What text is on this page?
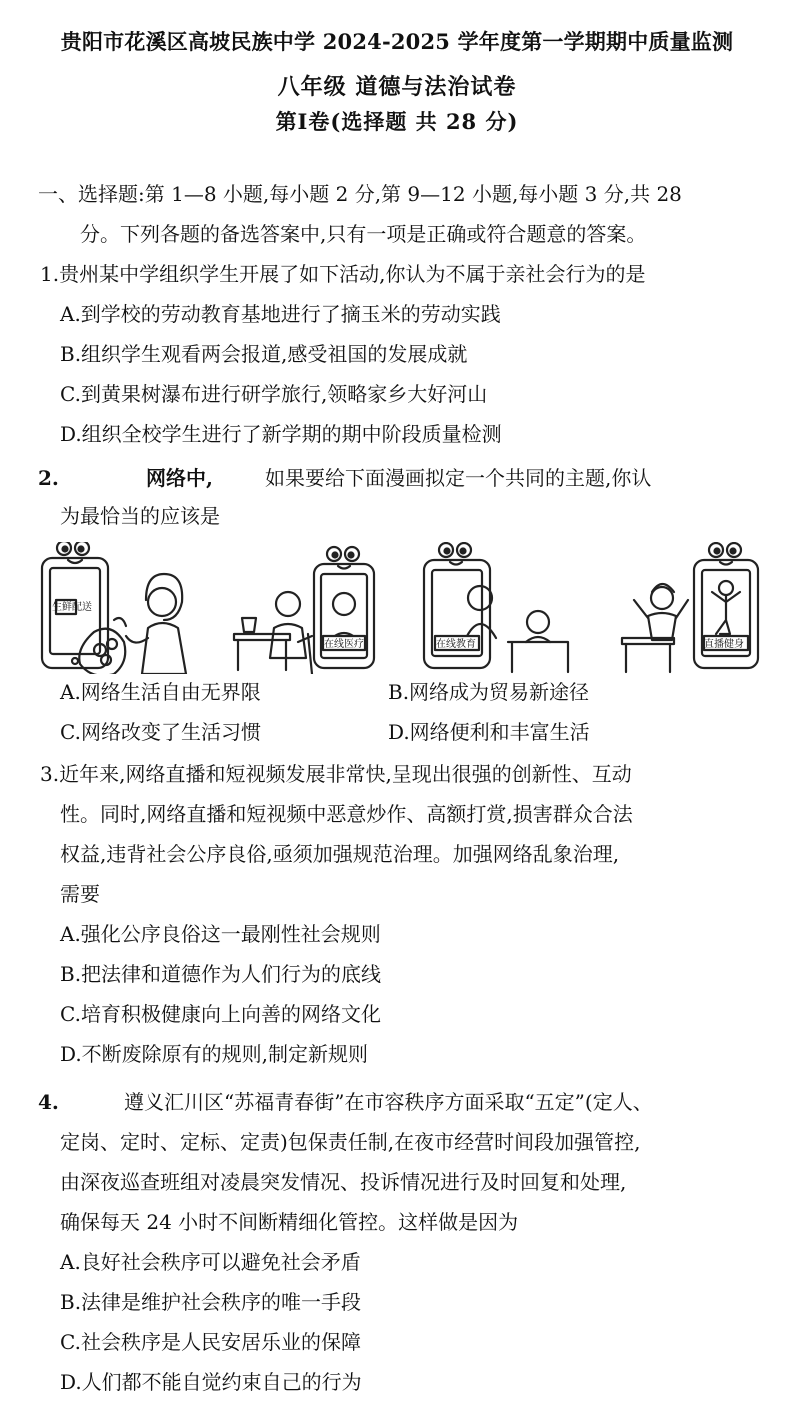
贵阳市花溪区高坡民族中学 2024-2025 学年度第一学期期中质量监测
八年级 道德与法治试卷
第Ⅰ卷(选择题 共 28 分)
一、选择题:第 1—8 小题,每小题 2 分,第 9—12 小题,每小题 3 分,共 28
分。下列各题的备选答案中,只有一项是正确或符合题意的答案。
1.贵州某中学组织学生开展了如下活动,你认为不属于亲社会行为的是
A.到学校的劳动教育基地进行了摘玉米的劳动实践
B.组织学生观看两会报道,感受祖国的发展成就
C.到黄果树瀑布进行研学旅行,领略家乡大好河山
D.组织全校学生进行了新学期的期中阶段质量检测
2.	网络中,	如果要给下面漫画拟定一个共同的主题,你认
为最恰当的应该是
生鲜配送
在线医疗	在线教育	直播健身
A.网络生活自由无界限	B.网络成为贸易新途径
C.网络改变了生活习惯	D.网络便利和丰富生活
3.近年来,网络直播和短视频发展非常快,呈现出很强的创新性、互动
性。同时,网络直播和短视频中恶意炒作、高额打赏,损害群众合法
权益,违背社会公序良俗,亟须加强规范治理。加强网络乱象治理,
需要
A.强化公序良俗这一最刚性社会规则
B.把法律和道德作为人们行为的底线
C.培育积极健康向上向善的网络文化
D.不断废除原有的规则,制定新规则
4.	遵义汇川区“苏福青春街”在市容秩序方面采取“五定”(定人、
定岗、定时、定标、定责)包保责任制,在夜市经营时间段加强管控,
由深夜巡查班组对凌晨突发情况、投诉情况进行及时回复和处理,
确保每天 24 小时不间断精细化管控。这样做是因为
A.良好社会秩序可以避免社会矛盾
B.法律是维护社会秩序的唯一手段
C.社会秩序是人民安居乐业的保障
D.人们都不能自觉约束自己的行为
